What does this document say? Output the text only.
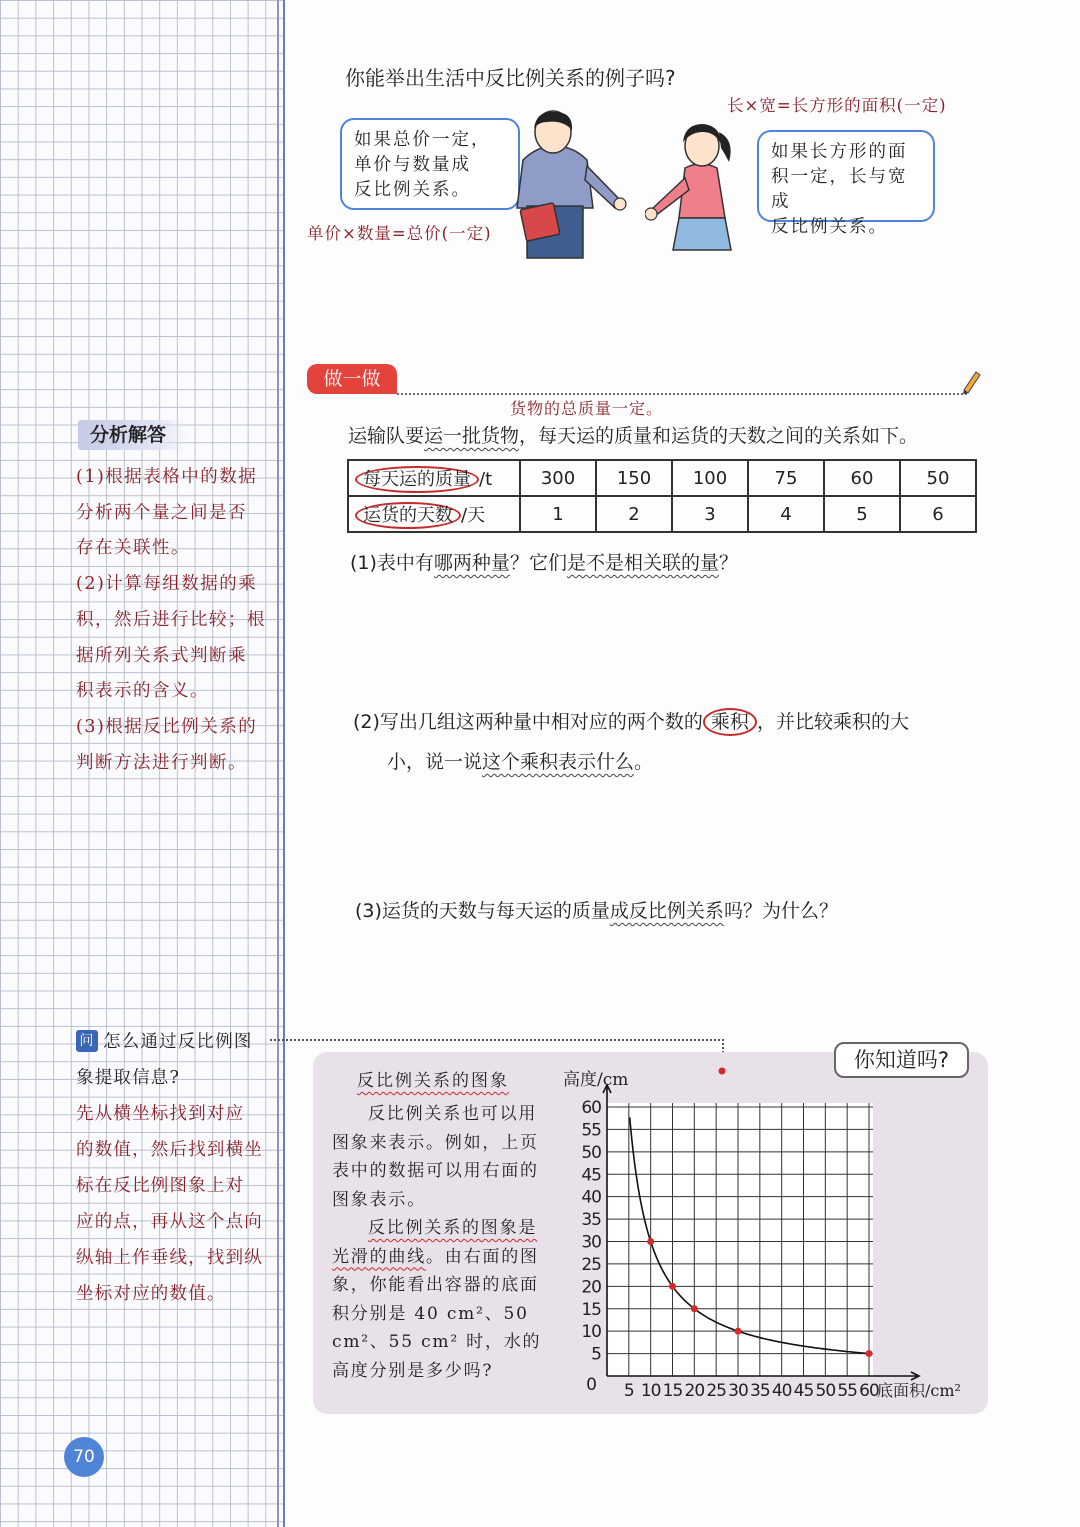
分析解答
(1)根据表格中的数据
分析两个量之间是否
存在关联性。
(2)计算每组数据的乘
积，然后进行比较；根
据所列关系式判断乘
积表示的含义。
(3)根据反比例关系的
判断方法进行判断。
问 怎么通过反比例图
象提取信息?
先从横坐标找到对应
的数值，然后找到横坐
标在反比例图象上对
应的点，再从这个点向
纵轴上作垂线，找到纵
坐标对应的数值。
70
你能举出生活中反比例关系的例子吗?
长×宽=长方形的面积(一定)
如果总价一定，
单价与数量成
反比例关系。
如果长方形的面
积一定，长与宽成
反比例关系。
单价×数量=总价(一定)
做一做
货物的总质量一定。
运输队要运一批货物，每天运的质量和运货的天数之间的关系如下。
每天运的质量 /t	300	150	100	75	60	50
运货的天数 /天	1	2	3	4	5	6
(1)表中有哪两种量？它们是不是相关联的量？
(2)写出几组这两种量中相对应的两个数的 乘积 ，并比较乘积的大
小，说一说这个乘积表示什么。
(3)运货的天数与每天运的质量成反比例关系吗？为什么？
你知道吗?
反比例关系的图象

反比例关系也可以用图象来表示。例如，上页表中的数据可以用右面的图象表示。

反比例关系的图象是光滑的曲线。由右面的图象，你能看出容器的底面积分别是 40 cm²、50 cm²、55 cm² 时，水的高度分别是多少吗?

高度/cm
底面积/cm²
5 10 15 20 25 30 35 40 45 50 55 60
5
10
15
20
25
30
35
40
45
50
55
60
0
